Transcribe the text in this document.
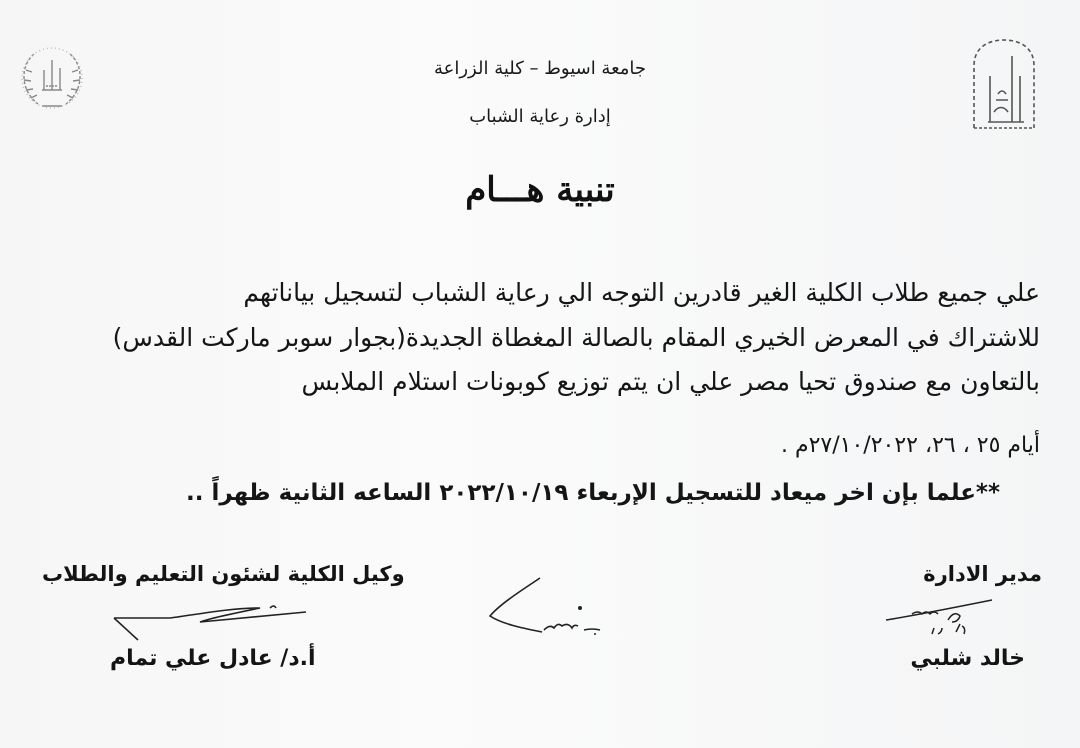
جامعة اسيوط – كلية الزراعة
إدارة رعاية الشباب
تنبية هـــام
علي جميع طلاب الكلية الغير قادرين التوجه الي رعاية الشباب لتسجيل بياناتهم
للاشتراك في المعرض الخيري المقام بالصالة المغطاة الجديدة(بجوار سوبر ماركت القدس)
بالتعاون مع صندوق تحيا مصر علي ان يتم توزيع كوبونات استلام الملابس
أيام ٢٥ ، ٢٦، ٢٧/١٠/٢٠٢٢م .
**علما بإن اخر ميعاد للتسجيل الإربعاء ٢٠٢٢/١٠/١٩ الساعه الثانية ظهراً ..
مدير الادارة
خالد شلبي
وكيل الكلية لشئون التعليم والطلاب
أ.د/ عادل علي تمام
